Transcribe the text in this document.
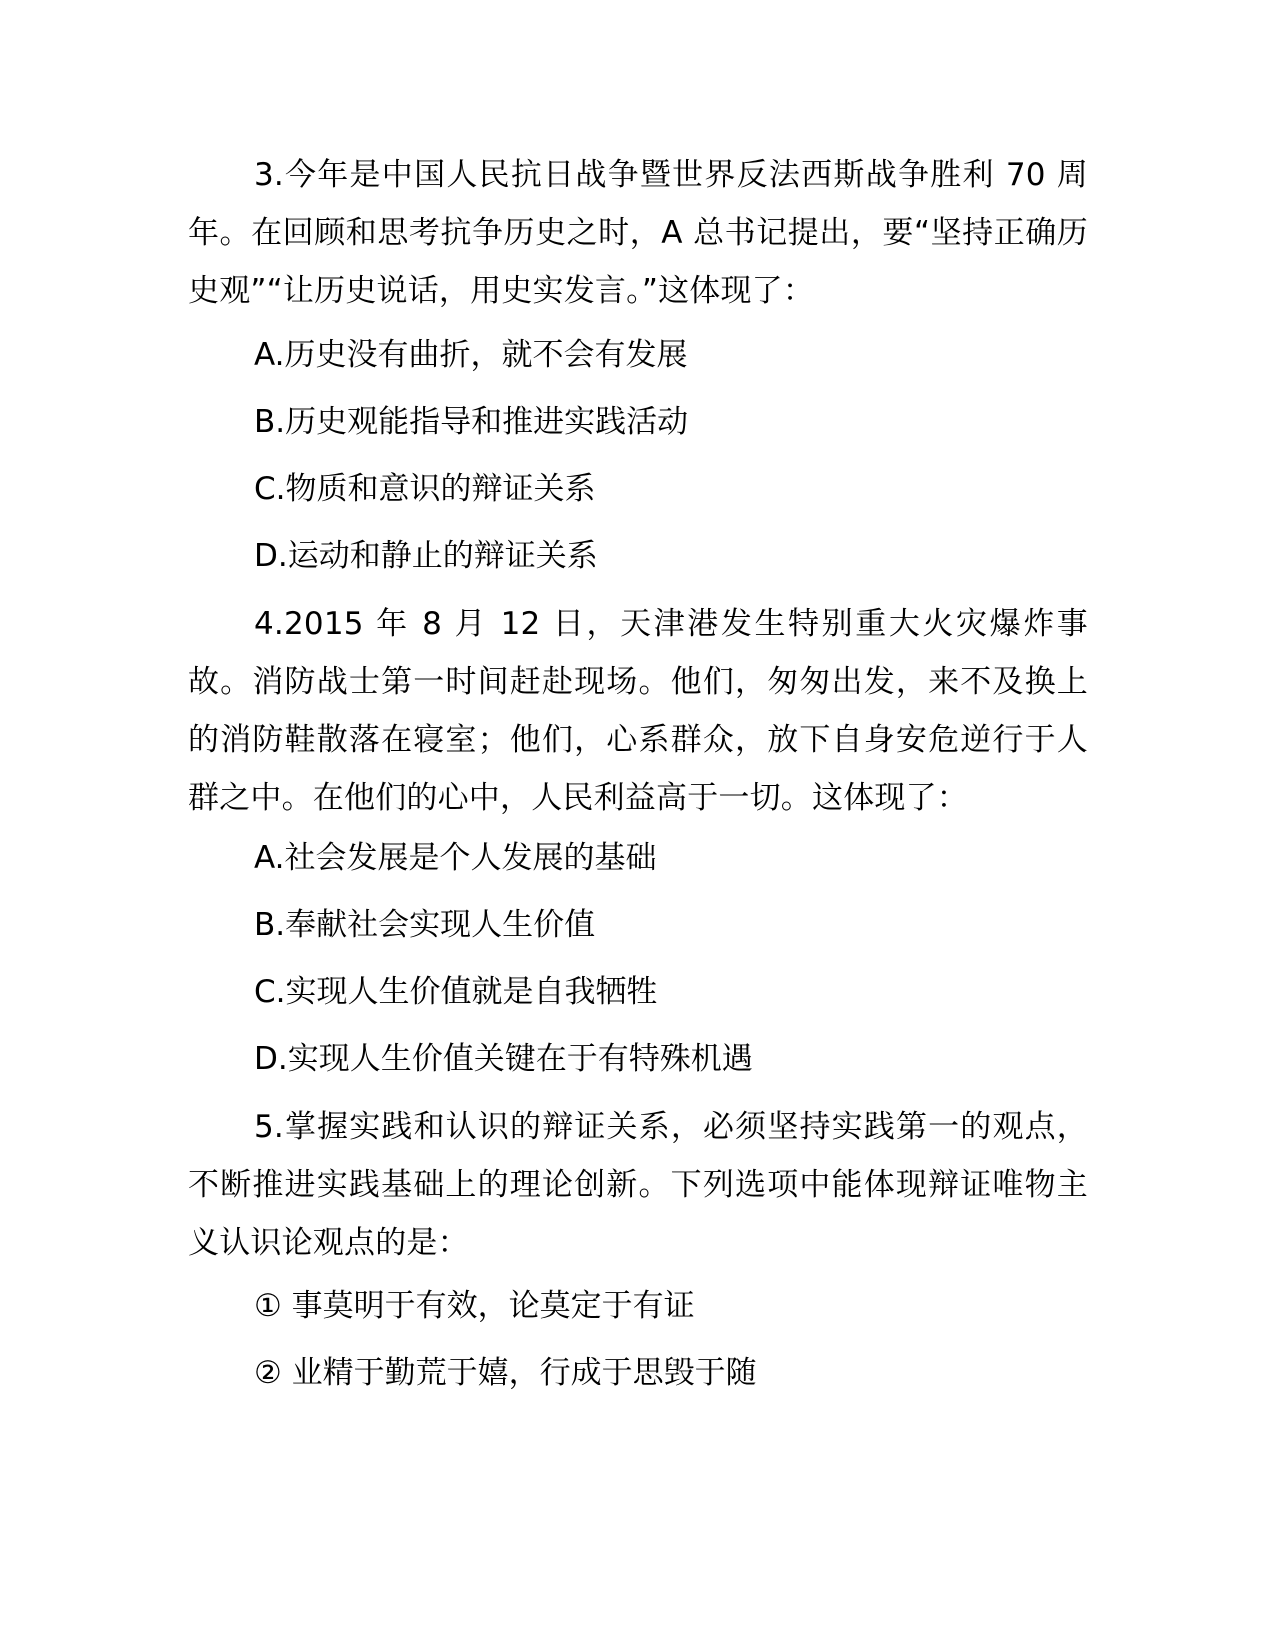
3.今年是中国人民抗日战争暨世界反法西斯战争胜利 70 周年。在回顾和思考抗争历史之时，A 总书记提出，要“坚持正确历史观”“让历史说话，用史实发言。”这体现了：

A.历史没有曲折，就不会有发展

B.历史观能指导和推进实践活动

C.物质和意识的辩证关系

D.运动和静止的辩证关系

4.2015 年 8 月 12 日，天津港发生特别重大火灾爆炸事故。消防战士第一时间赶赴现场。他们，匆匆出发，来不及换上的消防鞋散落在寝室；他们，心系群众，放下自身安危逆行于人群之中。在他们的心中，人民利益高于一切。这体现了：

A.社会发展是个人发展的基础

B.奉献社会实现人生价值

C.实现人生价值就是自我牺牲

D.实现人生价值关键在于有特殊机遇

5.掌握实践和认识的辩证关系，必须坚持实践第一的观点，不断推进实践基础上的理论创新。下列选项中能体现辩证唯物主义认识论观点的是：

① 事莫明于有效，论莫定于有证

② 业精于勤荒于嬉，行成于思毁于随
